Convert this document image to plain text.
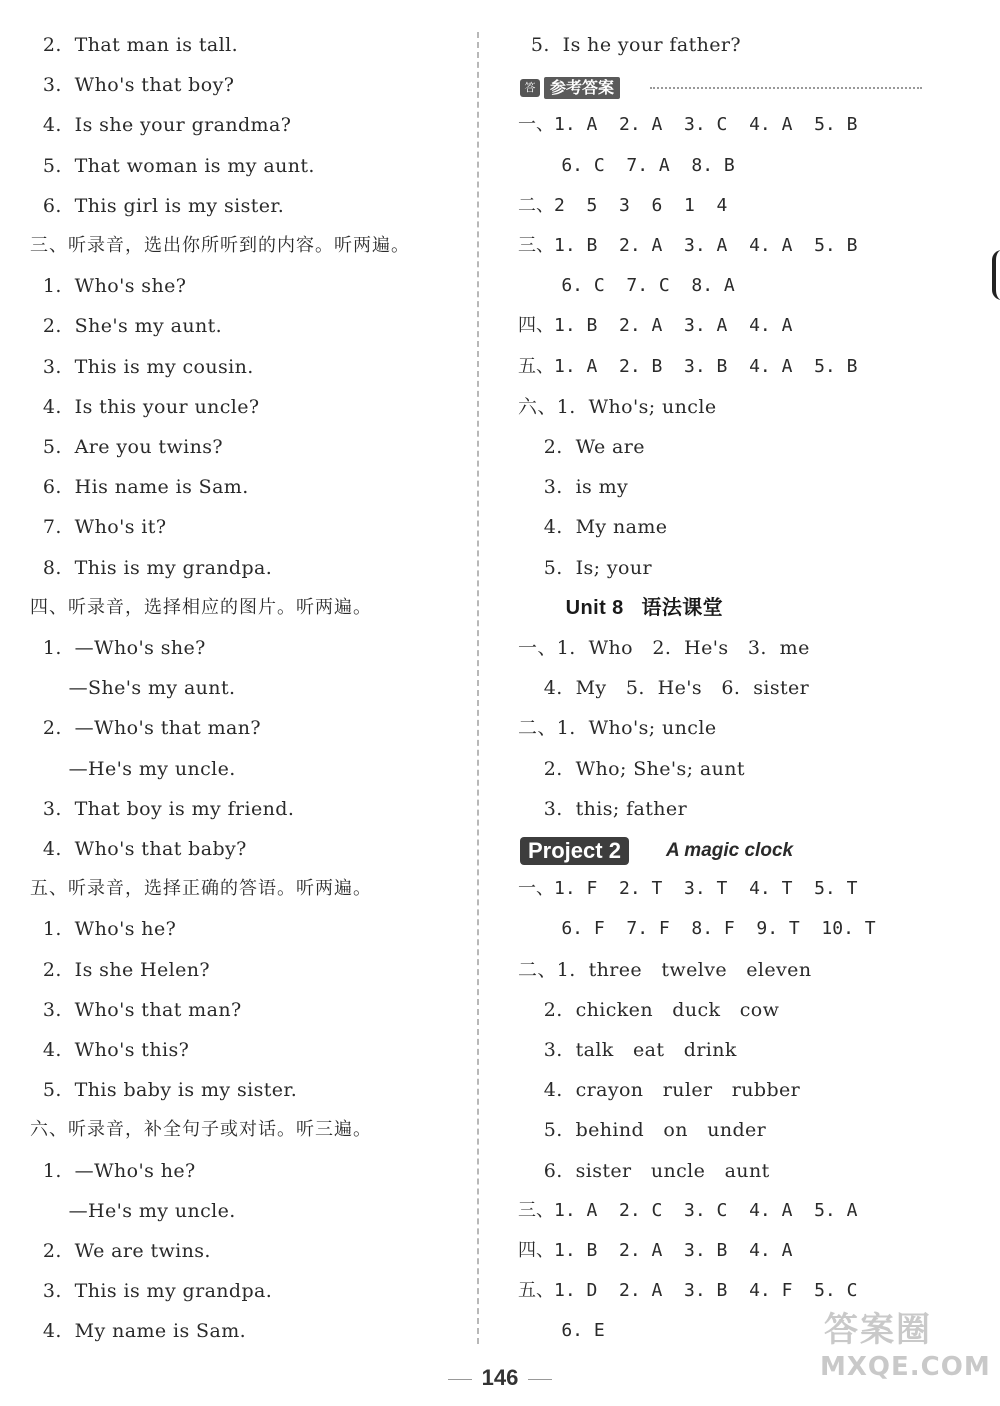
2.  That man is tall.
3.  Who's that boy?
4.  Is she your grandma?
5.  That woman is my aunt.
6.  This girl is my sister.
三、听录音，选出你所听到的内容。听两遍。
1.  Who's she?
2.  She's my aunt.
3.  This is my cousin.
4.  Is this your uncle?
5.  Are you twins?
6.  His name is Sam.
7.  Who's it?
8.  This is my grandpa.
四、听录音，选择相应的图片。听两遍。
1.  —Who's she?
—She's my aunt.
2.  —Who's that man?
—He's my uncle.
3.  That boy is my friend.
4.  Who's that baby?
五、听录音，选择正确的答语。听两遍。
1.  Who's he?
2.  Is she Helen?
3.  Who's that man?
4.  Who's this?
5.  This baby is my sister.
六、听录音，补全句子或对话。听三遍。
1.  —Who's he?
—He's my uncle.
2.  We are twins.
3.  This is my grandpa.
4.  My name is Sam.
5.  Is he your father?
一、1. A  2. A  3. C  4. A  5. B
6. C  7. A  8. B
二、2  5  3  6  1  4
三、1. B  2. A  3. A  4. A  5. B
6. C  7. C  8. A
四、1. B  2. A  3. A  4. A
五、1. A  2. B  3. B  4. A  5. B
六、1.  Who's; uncle
2.  We are
3.  is my
4.  My name
5.  Is; your
Unit 8   语法课堂
一、1.  Who   2.  He's   3.  me
4.  My   5.  He's   6.  sister
二、1.  Who's; uncle
2.  Who; She's; aunt
3.  this; father
一、1. F  2. T  3. T  4. T  5. T
6. F  7. F  8. F  9. T  10. T
二、1.  three   twelve   eleven
2.  chicken   duck   cow
3.  talk   eat   drink
4.  crayon   ruler   rubber
5.  behind   on   under
6.  sister   uncle   aunt
三、1. A  2. C  3. C  4. A  5. A
四、1. B  2. A  3. B  4. A
五、1. D  2. A  3. B  4. F  5. C
6. E
答 参考答案
Project 2	A magic clock
146
答案圈
MXQE.COM
